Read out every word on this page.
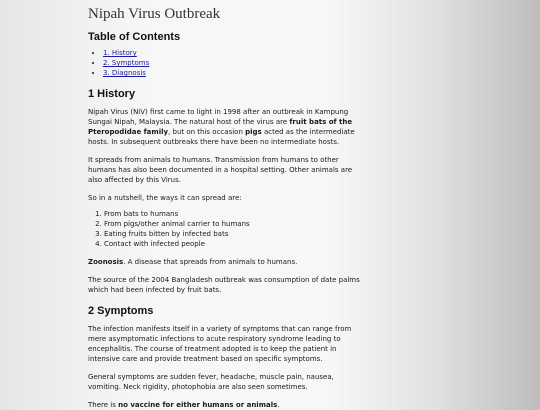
Nipah Virus Outbreak
Table of Contents
• 1. History
• 2. Symptoms
• 3. Diagnosis
1 History

Nipah Virus (NiV) first came to light in 1998 after an outbreak in Kampung Sungai Nipah, Malaysia. The natural host of the virus are fruit bats of the Pteropodidae family, but on this occasion pigs acted as the intermediate hosts. In subsequent outbreaks there have been no intermediate hosts.

It spreads from animals to humans. Transmission from humans to other humans has also been documented in a hospital setting. Other animals are also affected by this Virus.

So in a nutshell, the ways it can spread are:

1. From bats to humans
2. From pigs/other animal carrier to humans
3. Eating fruits bitten by infected bats
4. Contact with infected people

Zoonosis. A disease that spreads from animals to humans.

The source of the 2004 Bangladesh outbreak was consumption of date palms which had been infected by fruit bats.

2 Symptoms

The infection manifests itself in a variety of symptoms that can range from mere asymptomatic infections to acute respiratory syndrome leading to encephalitis. The course of treatment adopted is to keep the patient in intensive care and provide treatment based on specific symptoms.

General symptoms are sudden fever, headache, muscle pain, nausea, vomiting. Neck rigidity, photophobia are also seen sometimes.

There is no vaccine for either humans or animals.
